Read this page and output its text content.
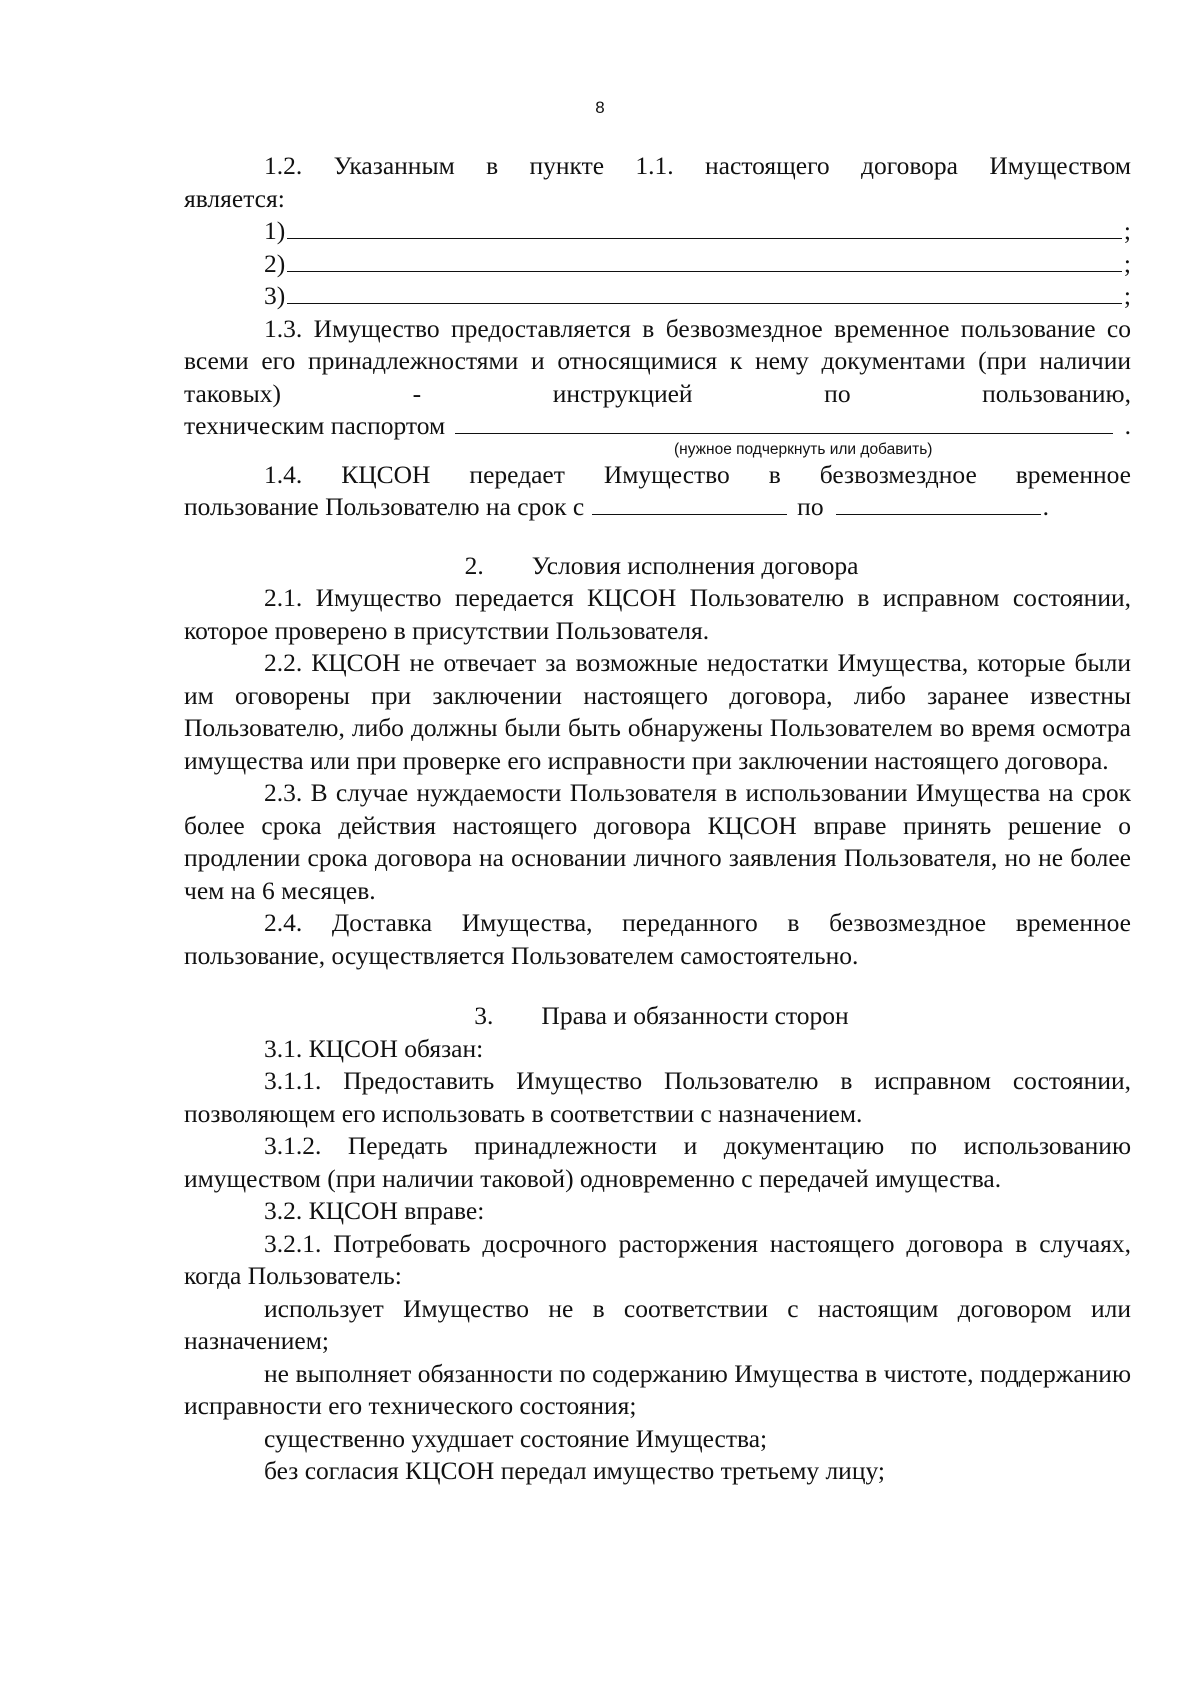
8

1.2. Указанным в пункте 1.1. настоящего договора Имуществом

является:

1)	;
2)	;
3)	;

1.3. Имущество предоставляется в безвозмездное временное пользование со всеми его принадлежностями и относящимися к нему документами (при наличии таковых) - инструкцией по пользованию,

техническим паспортом	.

(нужное подчеркнуть или добавить)

1.4. КЦСОН передает Имущество в безвозмездное временное

пользование Пользователю на срок с	по	.

2. Условия исполнения договора

2.1. Имущество передается КЦСОН Пользователю в исправном состоянии, которое проверено в присутствии Пользователя.

2.2. КЦСОН не отвечает за возможные недостатки Имущества, которые были им оговорены при заключении настоящего договора, либо заранее известны Пользователю, либо должны были быть обнаружены Пользователем во время осмотра имущества или при проверке его исправности при заключении настоящего договора.

2.3. В случае нуждаемости Пользователя в использовании Имущества на срок более срока действия настоящего договора КЦСОН вправе принять решение о продлении срока договора на основании личного заявления Пользователя, но не более чем на 6 месяцев.

2.4. Доставка Имущества, переданного в безвозмездное временное пользование, осуществляется Пользователем самостоятельно.

3. Права и обязанности сторон

3.1. КЦСОН обязан:

3.1.1. Предоставить Имущество Пользователю в исправном состоянии, позволяющем его использовать в соответствии с назначением.

3.1.2. Передать принадлежности и документацию по использованию имуществом (при наличии таковой) одновременно с передачей имущества.

3.2. КЦСОН вправе:

3.2.1. Потребовать досрочного расторжения настоящего договора в случаях, когда Пользователь:

использует Имущество не в соответствии с настоящим договором или назначением;

не выполняет обязанности по содержанию Имущества в чистоте, поддержанию исправности его технического состояния;

существенно ухудшает состояние Имущества;

без согласия КЦСОН передал имущество третьему лицу;
